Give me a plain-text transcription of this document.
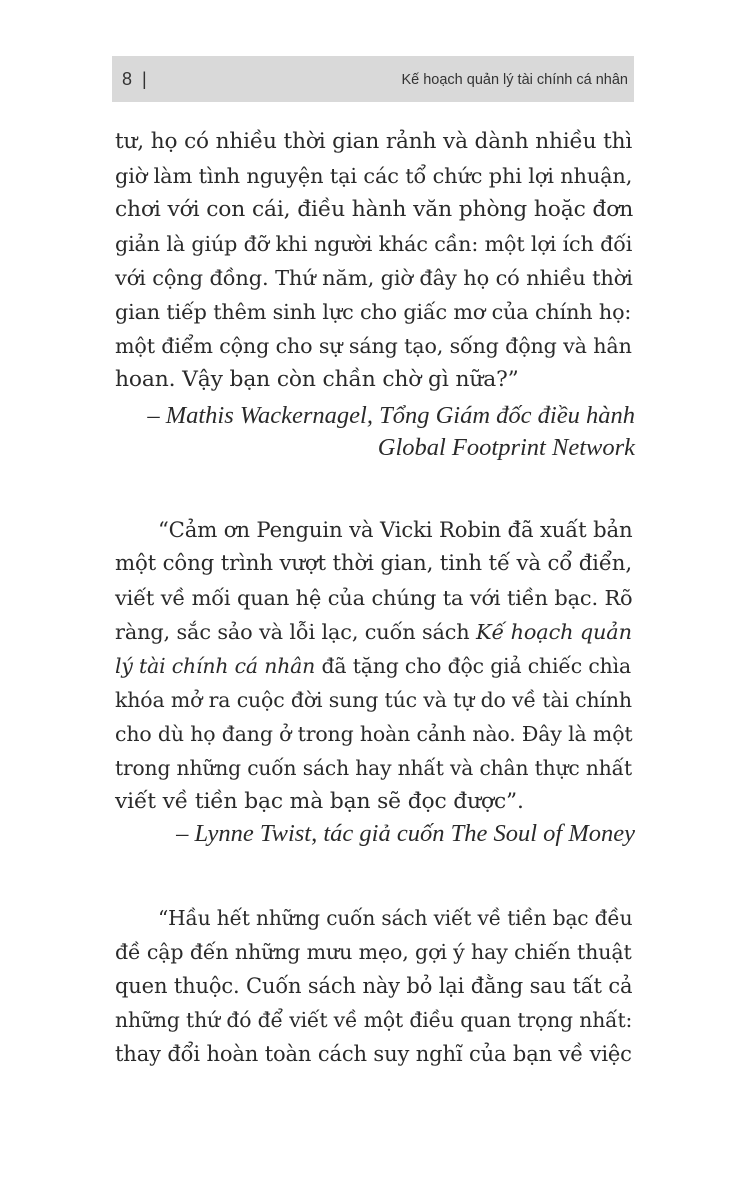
8 |	Kế hoạch quản lý tài chính cá nhân

tư, họ có nhiều thời gian rảnh và dành nhiều thì

giờ làm tình nguyện tại các tổ chức phi lợi nhuận,

chơi với con cái, điều hành văn phòng hoặc đơn

giản là giúp đỡ khi người khác cần: một lợi ích đối

với cộng đồng. Thứ năm, giờ đây họ có nhiều thời

gian tiếp thêm sinh lực cho giấc mơ của chính họ:

một điểm cộng cho sự sáng tạo, sống động và hân

hoan. Vậy bạn còn chần chờ gì nữa?”

– Mathis Wackernagel, Tổng Giám đốc điều hành

Global Footprint Network

“Cảm ơn Penguin và Vicki Robin đã xuất bản

một công trình vượt thời gian, tinh tế và cổ điển,

viết về mối quan hệ của chúng ta với tiền bạc. Rõ

ràng, sắc sảo và lỗi lạc, cuốn sách Kế hoạch quản

lý tài chính cá nhân đã tặng cho độc giả chiếc chìa

khóa mở ra cuộc đời sung túc và tự do về tài chính

cho dù họ đang ở trong hoàn cảnh nào. Đây là một

trong những cuốn sách hay nhất và chân thực nhất

viết về tiền bạc mà bạn sẽ đọc được”.

– Lynne Twist, tác giả cuốn The Soul of Money

“Hầu hết những cuốn sách viết về tiền bạc đều

đề cập đến những mưu mẹo, gợi ý hay chiến thuật

quen thuộc. Cuốn sách này bỏ lại đằng sau tất cả

những thứ đó để viết về một điều quan trọng nhất:

thay đổi hoàn toàn cách suy nghĩ của bạn về việc
